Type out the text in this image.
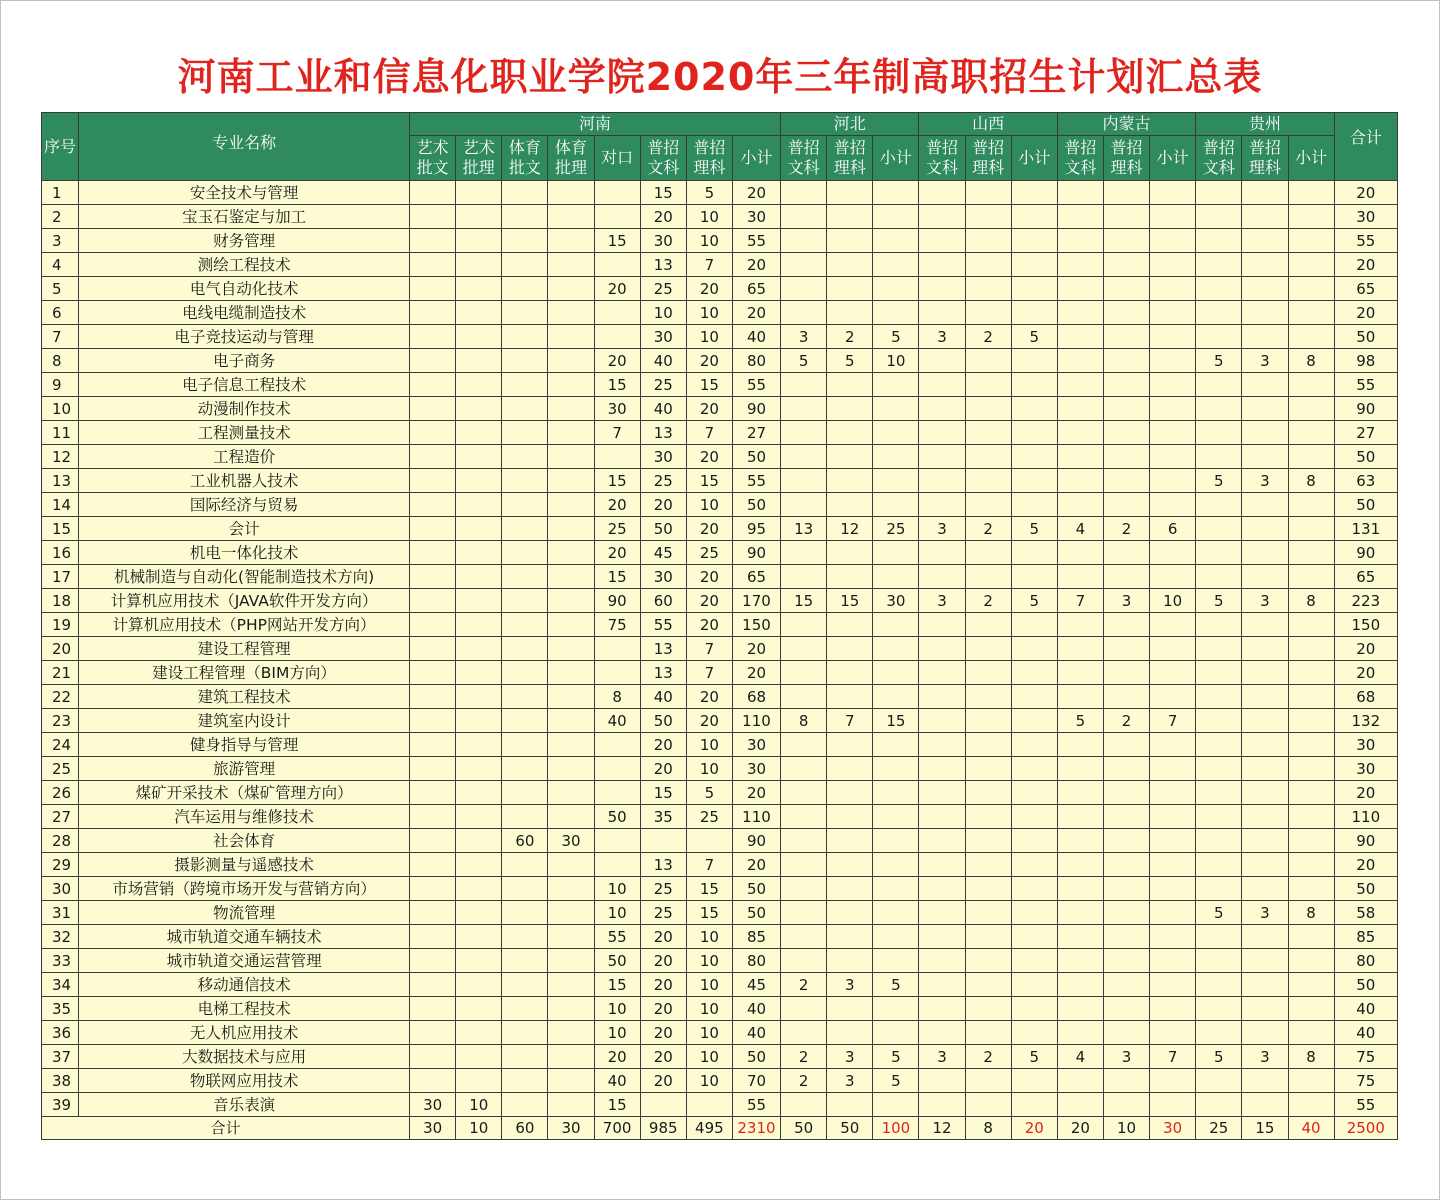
河南工业和信息化职业学院2020年三年制高职招生计划汇总表
序号	专业名称	河南								河北			山西			内蒙古			贵州			合计
		艺术批文	艺术批理	体育批文	体育批理	对口	普招文科	普招理科	小计	普招文科	普招理科	小计	普招文科	普招理科	小计	普招文科	普招理科	小计	普招文科	普招理科	小计	
1	安全技术与管理						15	5	20													20
2	宝玉石鉴定与加工						20	10	30													30
3	财务管理					15	30	10	55													55
4	测绘工程技术						13	7	20													20
5	电气自动化技术					20	25	20	65													65
6	电线电缆制造技术						10	10	20													20
7	电子竞技运动与管理						30	10	40	3	2	5	3	2	5							50
8	电子商务					20	40	20	80	5	5	10							5	3	8	98
9	电子信息工程技术					15	25	15	55													55
10	动漫制作技术					30	40	20	90													90
11	工程测量技术					7	13	7	27													27
12	工程造价						30	20	50													50
13	工业机器人技术					15	25	15	55										5	3	8	63
14	国际经济与贸易					20	20	10	50													50
15	会计					25	50	20	95	13	12	25	3	2	5	4	2	6				131
16	机电一体化技术					20	45	25	90													90
17	机械制造与自动化(智能制造技术方向)					15	30	20	65													65
18	计算机应用技术（JAVA软件开发方向）					90	60	20	170	15	15	30	3	2	5	7	3	10	5	3	8	223
19	计算机应用技术（PHP网站开发方向）					75	55	20	150													150
20	建设工程管理						13	7	20													20
21	建设工程管理（BIM方向）						13	7	20													20
22	建筑工程技术					8	40	20	68													68
23	建筑室内设计					40	50	20	110	8	7	15				5	2	7				132
24	健身指导与管理						20	10	30													30
25	旅游管理						20	10	30													30
26	煤矿开采技术（煤矿管理方向）						15	5	20													20
27	汽车运用与维修技术					50	35	25	110													110
28	社会体育			60	30				90													90
29	摄影测量与遥感技术						13	7	20													20
30	市场营销（跨境市场开发与营销方向）					10	25	15	50													50
31	物流管理					10	25	15	50										5	3	8	58
32	城市轨道交通车辆技术					55	20	10	85													85
33	城市轨道交通运营管理					50	20	10	80													80
34	移动通信技术					15	20	10	45	2	3	5										50
35	电梯工程技术					10	20	10	40													40
36	无人机应用技术					10	20	10	40													40
37	大数据技术与应用					20	20	10	50	2	3	5	3	2	5	4	3	7	5	3	8	75
38	物联网应用技术					40	20	10	70	2	3	5										75
39	音乐表演	30	10			15			55													55
合计		30	10	60	30	700	985	495	2310	50	50	100	12	8	20	20	10	30	25	15	40	2500
